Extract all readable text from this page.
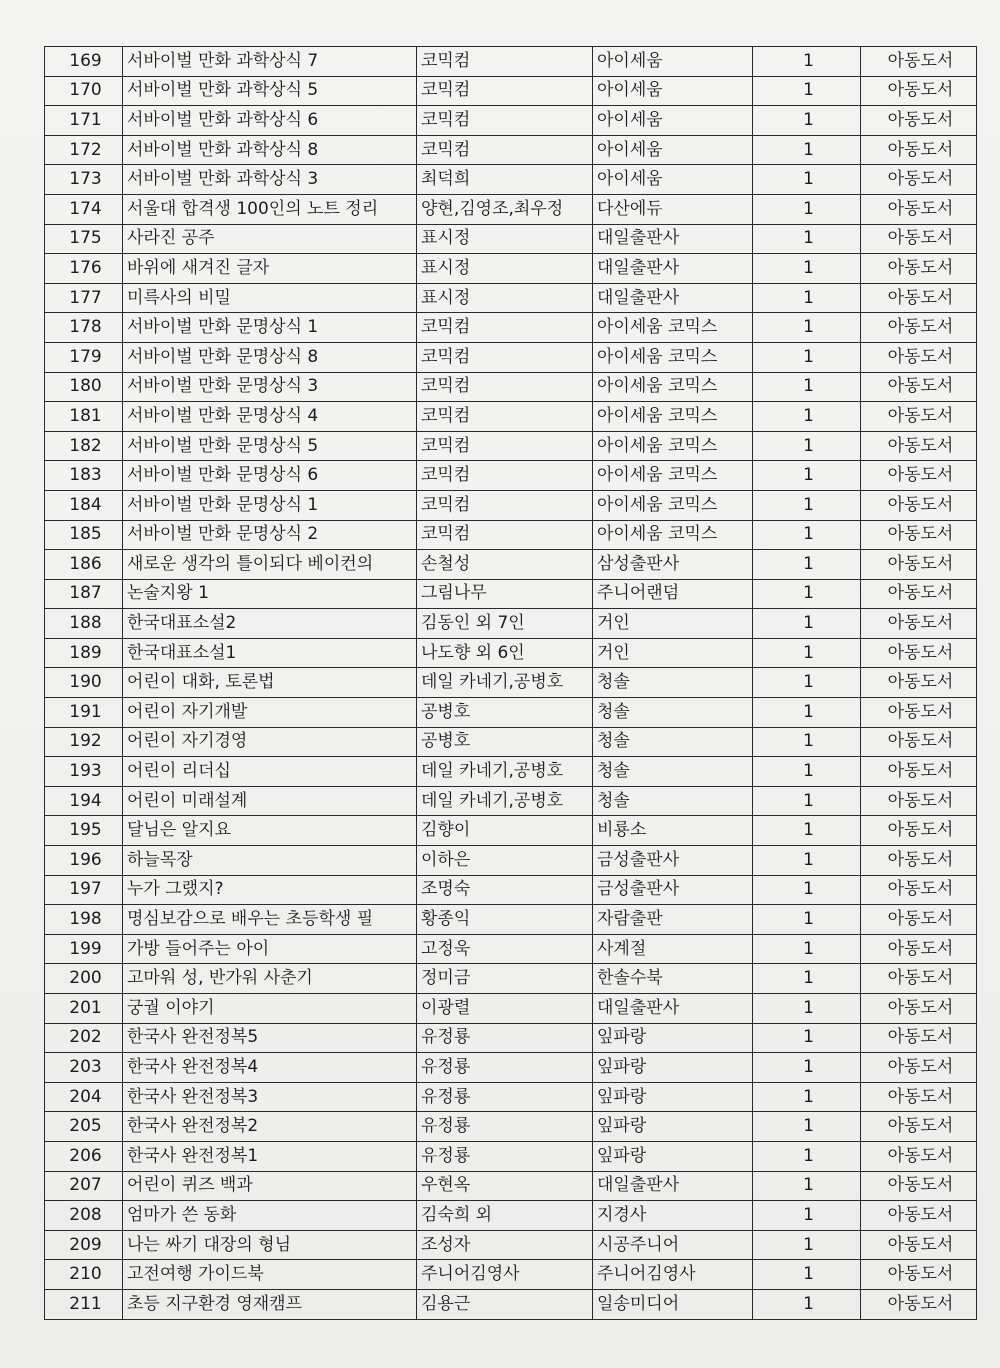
169	서바이벌 만화 과학상식 7	코믹컴	아이세움	1	아동도서
170	서바이벌 만화 과학상식 5	코믹컴	아이세움	1	아동도서
171	서바이벌 만화 과학상식 6	코믹컴	아이세움	1	아동도서
172	서바이벌 만화 과학상식 8	코믹컴	아이세움	1	아동도서
173	서바이벌 만화 과학상식 3	최덕희	아이세움	1	아동도서
174	서울대 합격생 100인의 노트 정리	양현,김영조,최우정	다산에듀	1	아동도서
175	사라진 공주	표시정	대일출판사	1	아동도서
176	바위에 새겨진 글자	표시정	대일출판사	1	아동도서
177	미륵사의 비밀	표시정	대일출판사	1	아동도서
178	서바이벌 만화 문명상식 1	코믹컴	아이세움 코믹스	1	아동도서
179	서바이벌 만화 문명상식 8	코믹컴	아이세움 코믹스	1	아동도서
180	서바이벌 만화 문명상식 3	코믹컴	아이세움 코믹스	1	아동도서
181	서바이벌 만화 문명상식 4	코믹컴	아이세움 코믹스	1	아동도서
182	서바이벌 만화 문명상식 5	코믹컴	아이세움 코믹스	1	아동도서
183	서바이벌 만화 문명상식 6	코믹컴	아이세움 코믹스	1	아동도서
184	서바이벌 만화 문명상식 1	코믹컴	아이세움 코믹스	1	아동도서
185	서바이벌 만화 문명상식 2	코믹컴	아이세움 코믹스	1	아동도서
186	새로운 생각의 틀이되다 베이컨의	손철성	삼성출판사	1	아동도서
187	논술지왕 1	그림나무	주니어랜덤	1	아동도서
188	한국대표소설2	김동인 외 7인	거인	1	아동도서
189	한국대표소설1	나도향 외 6인	거인	1	아동도서
190	어린이 대화, 토론법	데일 카네기,공병호	청솔	1	아동도서
191	어린이 자기개발	공병호	청솔	1	아동도서
192	어린이 자기경영	공병호	청솔	1	아동도서
193	어린이 리더십	데일 카네기,공병호	청솔	1	아동도서
194	어린이 미래설계	데일 카네기,공병호	청솔	1	아동도서
195	달님은 알지요	김향이	비룡소	1	아동도서
196	하늘목장	이하은	금성출판사	1	아동도서
197	누가 그랬지?	조명숙	금성출판사	1	아동도서
198	명심보감으로 배우는 초등학생 필	황종익	자람출판	1	아동도서
199	가방 들어주는 아이	고정욱	사계절	1	아동도서
200	고마워 성, 반가워 사춘기	정미금	한솔수북	1	아동도서
201	궁궐 이야기	이광렬	대일출판사	1	아동도서
202	한국사 완전정복5	유정룡	잎파랑	1	아동도서
203	한국사 완전정복4	유정룡	잎파랑	1	아동도서
204	한국사 완전정복3	유정룡	잎파랑	1	아동도서
205	한국사 완전정복2	유정룡	잎파랑	1	아동도서
206	한국사 완전정복1	유정룡	잎파랑	1	아동도서
207	어린이 퀴즈 백과	우현옥	대일출판사	1	아동도서
208	엄마가 쓴 동화	김숙희 외	지경사	1	아동도서
209	나는 싸기 대장의 형님	조성자	시공주니어	1	아동도서
210	고전여행 가이드북	주니어김영사	주니어김영사	1	아동도서
211	초등 지구환경 영재캠프	김용근	일송미디어	1	아동도서
